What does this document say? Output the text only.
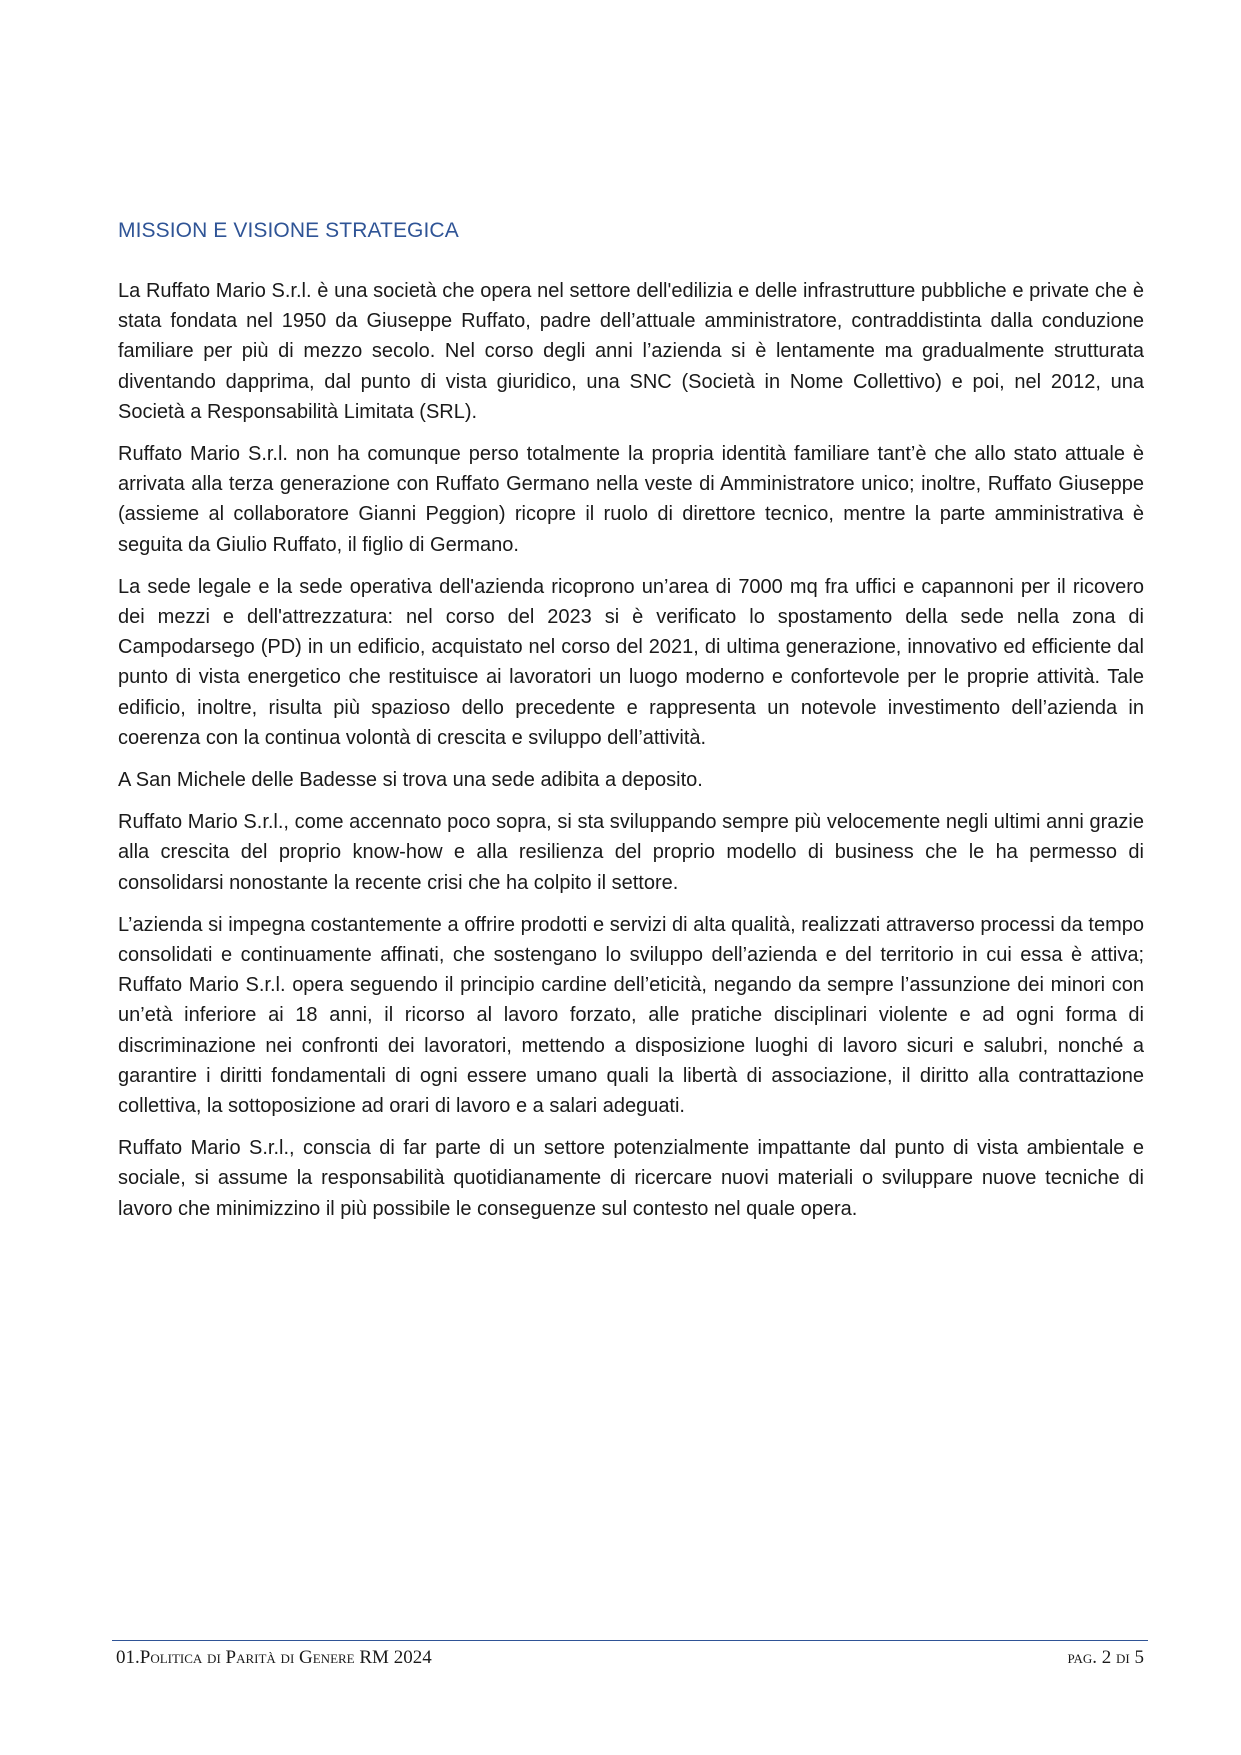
MISSION E VISIONE STRATEGICA

La Ruffato Mario S.r.l. è una società che opera nel settore dell'edilizia e delle infrastrutture pubbliche e private che è stata fondata nel 1950 da Giuseppe Ruffato, padre dell’attuale amministratore, contraddistinta dalla conduzione familiare per più di mezzo secolo. Nel corso degli anni l’azienda si è lentamente ma gradualmente strutturata diventando dapprima, dal punto di vista giuridico, una SNC (Società in Nome Collettivo) e poi, nel 2012, una Società a Responsabilità Limitata (SRL).

Ruffato Mario S.r.l. non ha comunque perso totalmente la propria identità familiare tant’è che allo stato attuale è arrivata alla terza generazione con Ruffato Germano nella veste di Amministratore unico; inoltre, Ruffato Giuseppe (assieme al collaboratore Gianni Peggion) ricopre il ruolo di direttore tecnico, mentre la parte amministrativa è seguita da Giulio Ruffato, il figlio di Germano.

La sede legale e la sede operativa dell'azienda ricoprono un’area di 7000 mq fra uffici e capannoni per il ricovero dei mezzi e dell'attrezzatura: nel corso del 2023 si è verificato lo spostamento della sede nella zona di Campodarsego (PD) in un edificio, acquistato nel corso del 2021, di ultima generazione, innovativo ed efficiente dal punto di vista energetico che restituisce ai lavoratori un luogo moderno e confortevole per le proprie attività. Tale edificio, inoltre, risulta più spazioso dello precedente e rappresenta un notevole investimento dell’azienda in coerenza con la continua volontà di crescita e sviluppo dell’attività.

A San Michele delle Badesse si trova una sede adibita a deposito.

Ruffato Mario S.r.l., come accennato poco sopra, si sta sviluppando sempre più velocemente negli ultimi anni grazie alla crescita del proprio know-how e alla resilienza del proprio modello di business che le ha permesso di consolidarsi nonostante la recente crisi che ha colpito il settore.

L’azienda si impegna costantemente a offrire prodotti e servizi di alta qualità, realizzati attraverso processi da tempo consolidati e continuamente affinati, che sostengano lo sviluppo dell’azienda e del territorio in cui essa è attiva; Ruffato Mario S.r.l. opera seguendo il principio cardine dell’eticità, negando da sempre l’assunzione dei minori con un’età inferiore ai 18 anni, il ricorso al lavoro forzato, alle pratiche disciplinari violente e ad ogni forma di discriminazione nei confronti dei lavoratori, mettendo a disposizione luoghi di lavoro sicuri e salubri, nonché a garantire i diritti fondamentali di ogni essere umano quali la libertà di associazione, il diritto alla contrattazione collettiva, la sottoposizione ad orari di lavoro e a salari adeguati.

Ruffato Mario S.r.l., conscia di far parte di un settore potenzialmente impattante dal punto di vista ambientale e sociale, si assume la responsabilità quotidianamente di ricercare nuovi materiali o sviluppare nuove tecniche di lavoro che minimizzino il più possibile le conseguenze sul contesto nel quale opera.

01.Politica di Parità di Genere RM 2024	pag. 2 di 5
